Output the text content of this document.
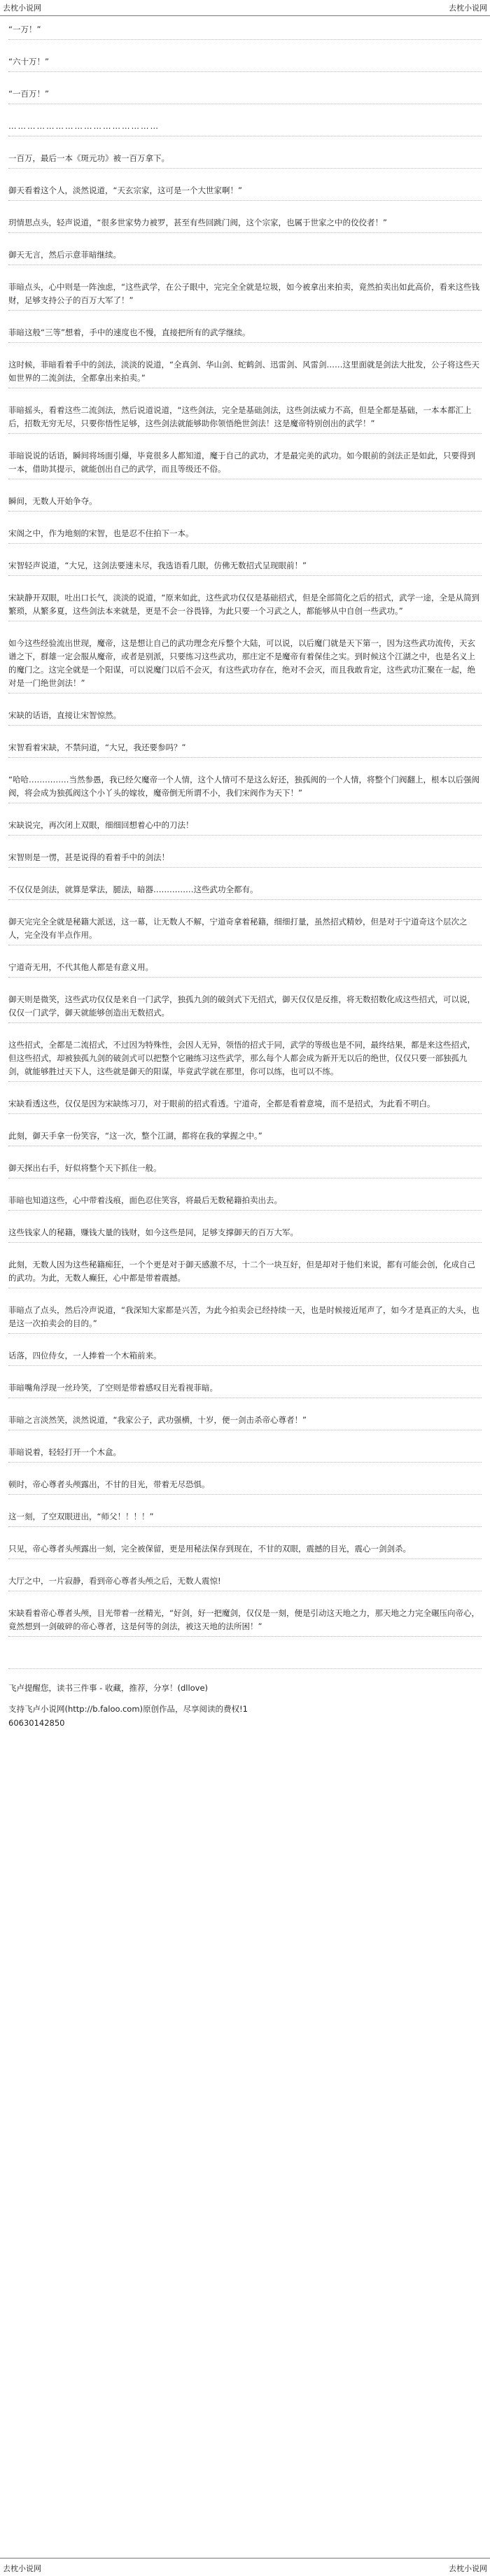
去枕小说网	去枕小说网
“一万！”
“六十万！”
“一百万！”
…………………………………………
一百万，最后一本《斑元功》被一百万拿下。
御天看着这个人，淡然说道，“天玄宗家，这可是一个大世家啊！”
玥情思点头，轻声说道，“很多世家势力被罗，甚至有些回跳门阀，这个宗家，也属于世家之中的佼佼者！”
御天无言，然后示意菲暗继续。
菲暗点头，心中则是一阵浊虑，“这些武学，在公子眼中，完完全全就是垃圾，如今被拿出来拍卖，竟然拍卖出如此高价，看来这些钱财，足够支持公子的百万大军了！”
菲暗这般“三等”想着，手中的速度也不慢，直接把所有的武学继续。
这时候，菲暗看着手中的剑法，淡淡的说道，“全真剑、华山剑、蛇鹤剑、迅雷剑、风雷剑……这里面就是剑法大批发，公子将这些天如世界的二流剑法，全都拿出来拍卖。”
菲暗摇头，看着这些二流剑法，然后说道说道，“这些剑法，完全是基础剑法，这些剑法威力不高，但是全都是基础，一本本都汇上后，招数无穷无尽，只要你悟性足够，这些剑法就能够助你领悟绝世剑法！这是魔帝特别创出的武学！”
菲暗说说的话语，瞬间将场面引爆，毕竟很多人都知道，魔于自己的武功，才是最完美的武功。如今眼前的剑法正是如此，只要得到一本，借助其提示，就能创出自己的武学，而且等级还不俗。
瞬间，无数人开始争夺。
宋阁之中，作为地刻的宋智，也是忍不住拍下一本。
宋智轻声说道，“大兄，这剑法要速未尽，我选语看几眼，仿佛无数招式呈现眼前！”
宋缺静开双眼，吐出口长气，淡淡的说道，“原来如此，这些武功仅仅是基础招式，但是全部简化之后的招式，武学一途，全是从简到繁琐，从繁多夏，这些剑法本来就是，更是不会一谷畏锋，为此只要一个习武之人，都能够从中自创一些武功。”
如今这些经验流出世现，魔帝，这是想让自己的武功理念充斥整个大陆，可以说，以后魔门就是天下第一，因为这些武功流传，天玄谱之下，群雄一定会服从魔帝，或者是别派，只要练习这些武功，那庄定不是魔帝有着保佳之实。到时候这个江湖之中，也是名义上的魔门之。这完全就是一个阳谋，可以说魔门以后不会灭，有这些武功存在，绝对不会灭，而且我敢肯定，这些武功汇聚在一起，绝对是一门绝世剑法！”
宋缺的话语，直接让宋智惊然。
宋智看着宋缺，不禁问道，“大兄，我还要参吗？”
“哈哈……………当然参愚，我已经欠魔帝一个人情，这个人情可不是这么好还，独孤阀的一个人情，将整个门阀翻上，根本以后强阀阀，将会成为独孤阀这个小丫头的嫁妆，魔帝倒无所谓不小，我们宋阀作为天下！”
宋缺说完，再次闭上双眼，细细回想着心中的刀法！
宋智则是一愣，甚是说得的看着手中的剑法！
不仅仅是剑法，就算是掌法，腿法，暗器……………这些武功全都有。
御天完完全全就是秘籍大派送，这一幕，让无数人不解，宁道奇拿着秘籍，细细打量，虽然招式精妙，但是对于宁道奇这个层次之人，完全没有半点作用。
宁道奇无用，不代其他人都是有意义用。
御天则是微笑，这些武功仅仅是来自一门武学，独孤九剑的破剑式下无招式，御天仅仅是反推，将无数招数化成这些招式，可以说，仅仅一门武学，御天就能够创造出无数招式。
这些招式，全都是二流招式，不过因为特殊性，会因人无异，领悟的招式于同，武学的等级也是不同，最终结果，都是来这些招式，但这些招式，却被独孤九剑的破剑式可以把整个它融练习这些武学，那么每个人都会成为新开无以后的绝世，仅仅只要一部独孤九剑，就能够胜过天下人，这些就是御天的阳谋，毕竟武学就在那里，你可以练，也可以不练。
宋缺看透这些，仅仅是因为宋缺练习刀，对于眼前的招式看透。宁道奇，全都是看着意境，而不是招式，为此看不明白。
此刻，御天手拿一份笑容，“这一次，整个江湖，都将在我的掌握之中。”
御天探出右手，好似将整个天下抓住一般。
菲暗也知道这些，心中带着浅痕，面色忍住笑容，将最后无数秘籍拍卖出去。
这些钱家人的秘籍，赚钱大量的钱财，如今这些是同，足够支撑御天的百万大军。
此刻，无数人因为这些秘籍痴狂，一个个更是对于御天感激不尽，十二个一块互好，但是却对于他们来说，都有可能会创，化成自己的武功。为此，无数人癫狂，心中都是带着震撼。
菲暗点了点头，然后冷声说道，“我深知大家都是兴苦，为此今拍卖会已经持续一天，也是时候接近尾声了，如今才是真正的大头，也是这一次拍卖会的目的。”
话落，四位侍女，一人捧着一个木箱前来。
菲暗嘴角浮现一丝玲笑，了空则是带着感叹目光看视菲暗。
菲暗之言淡然笑，淡然说道，“我家公子，武功强横，十岁，便一剑击杀帝心尊者！”
菲暗说着，轻轻打开一个木盒。
顿时，帝心尊者头颅露出，不甘的目光，带着无尽恐惧。
这一刻，了空双眼迸出，“师父！！！！”
只见，帝心尊者头颅露出一刻，完全被保留，更是用秘法保存到现在，不甘的双眼，震撼的目光，震心一剑剑杀。
大厅之中，一片寂静，看到帝心尊者头颅之后，无数人震惊!
宋缺看着帝心尊者头颅，目光带着一丝精光，“好剑，好一把魔剑，仅仅是一刻，便是引动这天地之力，那天地之力完全碾压向帝心，竟然想到一剑破碎的帝心尊者，这是何等的剑法，被这天地的法所困！”
飞卢提醒您，读书三件事 - 收藏，推荐，分享！(dllove)
支持飞卢小说网(http://b.faloo.com)原创作品，尽享阅读的费权!1
60630142850
去枕小说网	去枕小说网
